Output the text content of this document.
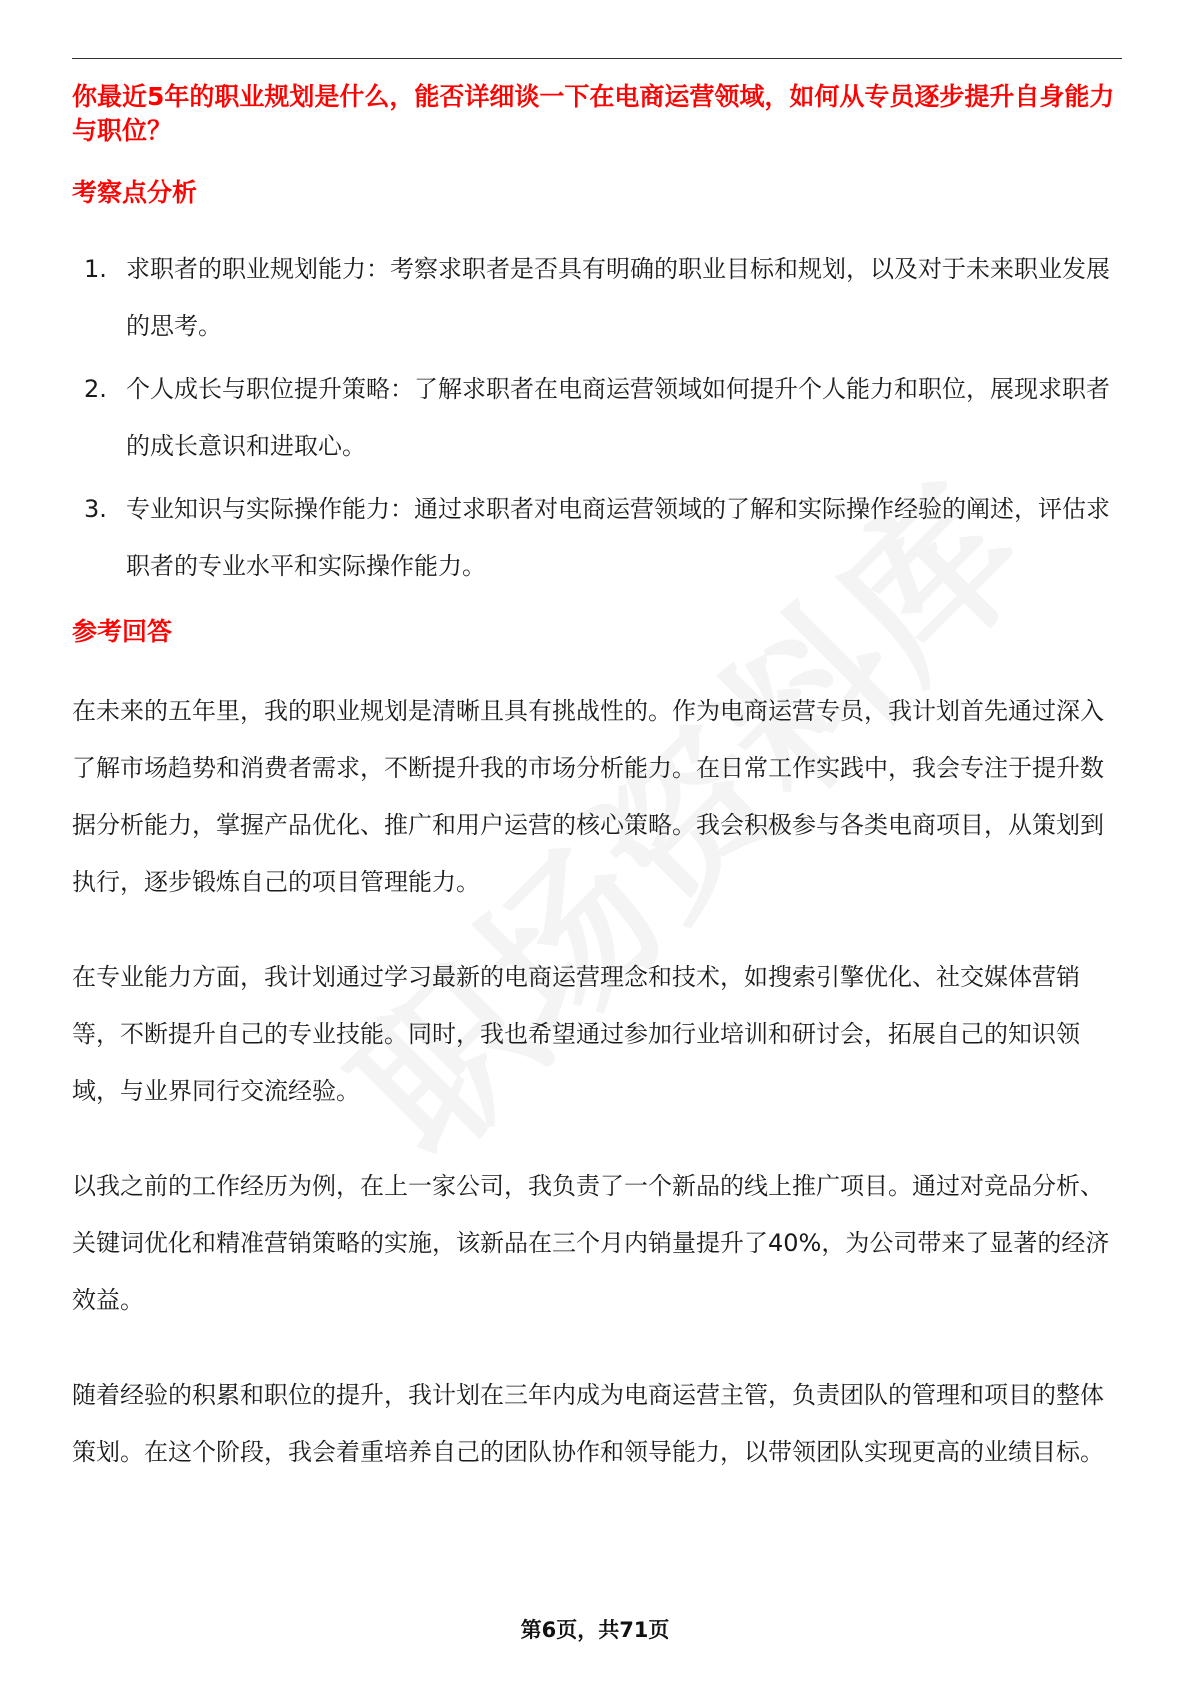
你最近5年的职业规划是什么，能否详细谈一下在电商运营领域，如何从专员逐步提升自身能力与职位？
考察点分析
1. 求职者的职业规划能力：考察求职者是否具有明确的职业目标和规划，以及对于未来职业发展的思考。
2. 个人成长与职位提升策略：了解求职者在电商运营领域如何提升个人能力和职位，展现求职者的成长意识和进取心。
3. 专业知识与实际操作能力：通过求职者对电商运营领域的了解和实际操作经验的阐述，评估求职者的专业水平和实际操作能力。
参考回答

在未来的五年里，我的职业规划是清晰且具有挑战性的。作为电商运营专员，我计划首先通过深入了解市场趋势和消费者需求，不断提升我的市场分析能力。在日常工作实践中，我会专注于提升数据分析能力，掌握产品优化、推广和用户运营的核心策略。我会积极参与各类电商项目，从策划到执行，逐步锻炼自己的项目管理能力。

在专业能力方面，我计划通过学习最新的电商运营理念和技术，如搜索引擎优化、社交媒体营销等，不断提升自己的专业技能。同时，我也希望通过参加行业培训和研讨会，拓展自己的知识领域，与业界同行交流经验。

以我之前的工作经历为例，在上一家公司，我负责了一个新品的线上推广项目。通过对竞品分析、关键词优化和精准营销策略的实施，该新品在三个月内销量提升了40%，为公司带来了显著的经济效益。

随着经验的积累和职位的提升，我计划在三年内成为电商运营主管，负责团队的管理和项目的整体策划。在这个阶段，我会着重培养自己的团队协作和领导能力，以带领团队实现更高的业绩目标。

第6页，共71页
